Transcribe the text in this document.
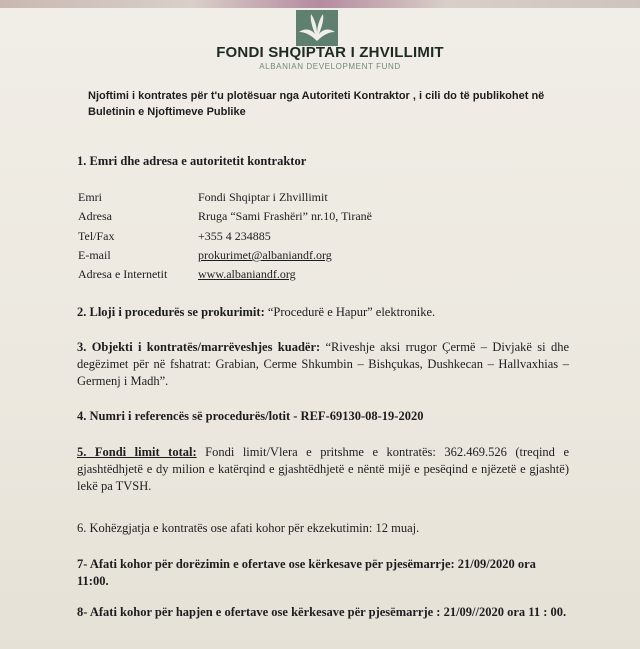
FONDI SHQIPTAR I ZHVILLIMIT
ALBANIAN DEVELOPMENT FUND
Njoftimi i kontrates për t'u plotësuar nga Autoriteti Kontraktor , i cili do të publikohet në Buletinin e Njoftimeve Publike
1. Emri dhe adresa e autoritetit kontraktor
Emri	Fondi Shqiptar i Zhvillimit
Adresa	Rruga “Sami Frashëri” nr.10, Tiranë
Tel/Fax	+355 4 234885
E-mail	prokurimet@albaniandf.org
Adresa e Internetit	www.albaniandf.org
2. Lloji i procedurës se prokurimit: “Procedurë e Hapur” elektronike.
3. Objekti i kontratës/marrëveshjes kuadër: “Riveshje aksi rrugor Çermë – Divjakë si dhe degëzimet për në fshatrat: Grabian, Cerme Shkumbin – Bishçukas, Dushkecan – Hallvaxhias – Germenj i Madh”.
4. Numri i referencës së procedurës/lotit - REF-69130-08-19-2020
5. Fondi limit total: Fondi limit/Vlera e pritshme e kontratës: 362.469.526 (treqind e gjashtëdhjetë e dy milion e katërqind e gjashtëdhjetë e nëntë mijë e pesëqind e njëzetë e gjashtë) lekë pa TVSH.
6. Kohëzgjatja e kontratës ose afati kohor për ekzekutimin: 12 muaj.
7- Afati kohor për dorëzimin e ofertave ose kërkesave për pjesëmarrje: 21/09/2020 ora 11:00.
8- Afati kohor për hapjen e ofertave ose kërkesave për pjesëmarrje : 21/09//2020 ora 11 : 00.
